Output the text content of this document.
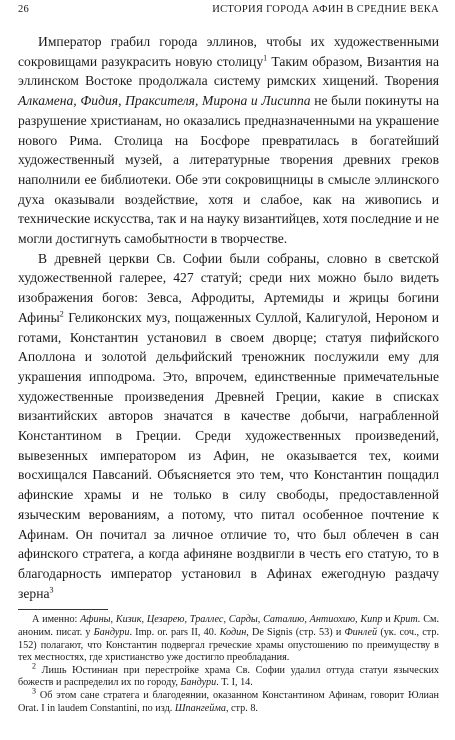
26	ИСТОРИЯ ГОРОДА АФИН В СРЕДНИЕ ВЕКА

Император грабил города эллинов, чтобы их художественными сокровищами разукрасить новую столицу$^1$ Таким образом, Византия на эллинском Востоке продолжала систему римских хищений. Творения Алкамена, Фидия, Праксителя, Мирона и Лисиппа не были покинуты на разрушение христианам, но оказались предназначенными на украшение нового Рима. Столица на Босфоре превратилась в богатейший художественный музей, а литературные творения древних греков наполнили ее библиотеки. Обе эти сокровищницы в смысле эллинского духа оказывали воздействие, хотя и слабое, как на живопись и технические искусства, так и на науку византийцев, хотя последние и не могли достигнуть самобытности в творчестве.

В древней церкви Св. Софии были собраны, словно в светской художественной галерее, 427 статуй; среди них можно было видеть изображения богов: Зевса, Афродиты, Артемиды и жрицы богини Афины$^2$ Геликонских муз, пощаженных Суллой, Калигулой, Нероном и готами, Константин установил в своем дворце; статуя пифийского Аполлона и золотой дельфийский треножник послужили ему для украшения ипподрома. Это, впрочем, единственные примечательные художественные произведения Древней Греции, какие в списках византийских авторов значатся в качестве добычи, награбленной Константином в Греции. Среди художественных произведений, вывезенных императором из Афин, не оказывается тех, коими восхищался Павсаний. Объясняется это тем, что Константин пощадил афинские храмы и не только в силу свободы, предоставленной языческим верованиям, а потому, что питал особенное почтение к Афинам. Он почитал за личное отличие то, что был облечен в сан афинского стратега, а когда афиняне воздвигли в честь его статую, то в благодарность император установил в Афинах ежегодную раздачу зерна$^3$

А именно: Афины, Кизик, Цезарею, Траллес, Сарды, Саталию, Антиохию, Кипр и Крит. См. аноним. писат. у Бандури. Imp. or. pars II, 40. Кодин, De Signis (стр. 53) и Финлей (ук. соч., стр. 152) полагают, что Константин подвергал греческие храмы опустошению по преимуществу в тех местностях, где христианство уже достигло преобладания.

$^2$ Лишь Юстиниан при перестройке храма Св. Софии удалил оттуда статуи языческих божеств и распределил их по городу, Бандури. Т. I, 14.

$^3$ Об этом сане стратега и благодеянии, оказанном Константином Афинам, говорит Юлиан Orat. I in laudem Constantini, по изд. Шпангейма, стр. 8.
